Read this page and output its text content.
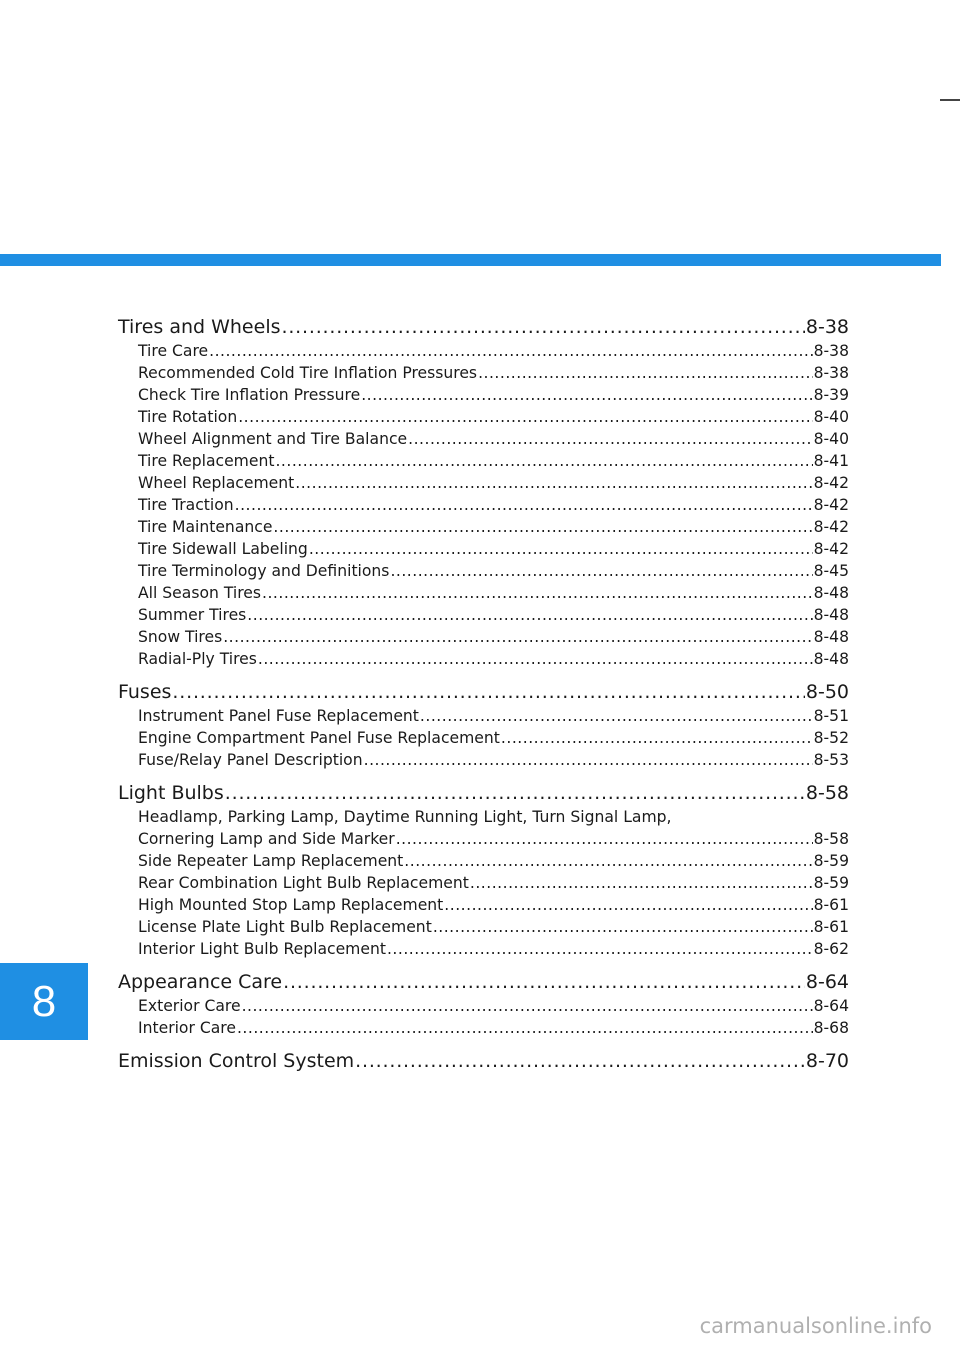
Tires and Wheels .....	8-38
Tire Care .....	8-38
Recommended Cold Tire Inflation Pressures .....	8-38
Check Tire Inflation Pressure .....	8-39
Tire Rotation .....	8-40
Wheel Alignment and Tire Balance .....	8-40
Tire Replacement .....	8-41
Wheel Replacement .....	8-42
Tire Traction .....	8-42
Tire Maintenance .....	8-42
Tire Sidewall Labeling .....	8-42
Tire Terminology and Definitions .....	8-45
All Season Tires .....	8-48
Summer Tires .....	8-48
Snow Tires .....	8-48
Radial-Ply Tires .....	8-48
Fuses .....	8-50
Instrument Panel Fuse Replacement .....	8-51
Engine Compartment Panel Fuse Replacement .....	8-52
Fuse/Relay Panel Description .....	8-53
Light Bulbs .....	8-58
Headlamp, Parking Lamp, Daytime Running Light, Turn Signal Lamp,
Cornering Lamp and Side Marker .....	8-58
Side Repeater Lamp Replacement .....	8-59
Rear Combination Light Bulb Replacement .....	8-59
High Mounted Stop Lamp Replacement .....	8-61
License Plate Light Bulb Replacement .....	8-61
Interior Light Bulb Replacement .....	8-62
Appearance Care .....	8-64
Exterior Care .....	8-64
Interior Care .....	8-68
Emission Control System .....	8-70
8
carmanualsonline.info
